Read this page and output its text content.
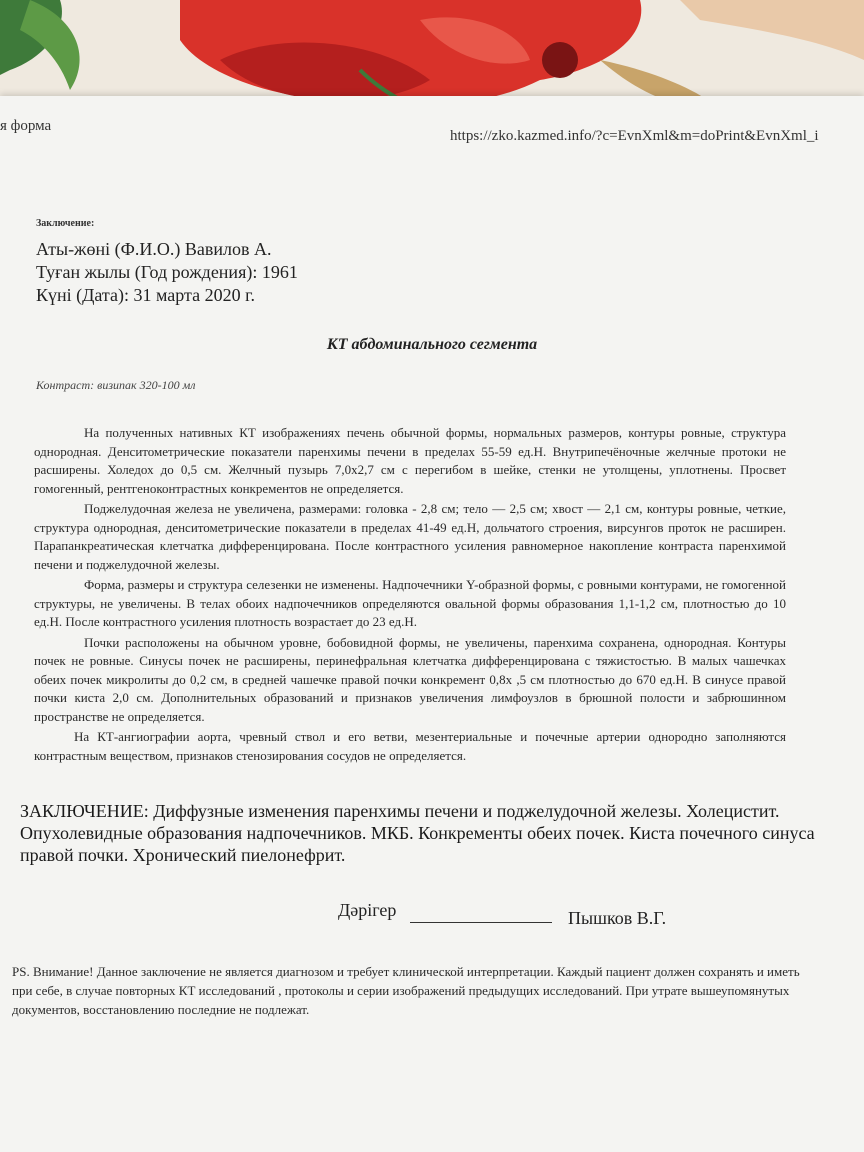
я форма
https://zko.kazmed.info/?c=EvnXml&m=doPrint&EvnXml_i
Заключение:
Аты-жөні (Ф.И.О.) Вавилов А.
Туған жылы (Год рождения): 1961
Күні (Дата): 31 марта 2020 г.
КТ абдоминального сегмента
Контраст: визипак 320-100 мл

На полученных нативных КТ изображениях печень обычной формы, нормальных размеров, контуры ровные, структура однородная. Денситометрические показатели паренхимы печени в пределах 55-59 ед.Н. Внутрипечёночные желчные протоки не расширены. Холедох до 0,5 см. Желчный пузырь 7,0х2,7 см с перегибом в шейке, стенки не утолщены, уплотнены. Просвет гомогенный, рентгеноконтрастных конкрементов не определяется.

Поджелудочная железа не увеличена, размерами: головка - 2,8 см; тело — 2,5 см; хвост — 2,1 см, контуры ровные, четкие, структура однородная, денситометрические показатели в пределах 41-49 ед.Н, дольчатого строения, вирсунгов проток не расширен. Парапанкреатическая клетчатка дифференцирована. После контрастного усиления равномерное накопление контраста паренхимой печени и поджелудочной железы.

Форма, размеры и структура селезенки не изменены. Надпочечники Y-образной формы, с ровными контурами, не гомогенной структуры, не увеличены. В телах обоих надпочечников определяются овальной формы образования 1,1-1,2 см, плотностью до 10 ед.Н. После контрастного усиления плотность возрастает до 23 ед.Н.

Почки расположены на обычном уровне, бобовидной формы, не увеличены, паренхима сохранена, однородная. Контуры почек не ровные. Синусы почек не расширены, перинефральная клетчатка дифференцирована с тяжистостью. В малых чашечках обеих почек микролиты до 0,2 см, в средней чашечке правой почки конкремент 0,8х ,5 см плотностью до 670 ед.Н. В синусе правой почки киста 2,0 см. Дополнительных образований и признаков увеличения лимфоузлов в брюшной полости и забрюшинном пространстве не определяется.

На КТ-ангиографии аорта, чревный ствол и его ветви, мезентериальные и почечные артерии однородно заполняются контрастным веществом, признаков стенозирования сосудов не определяется.

ЗАКЛЮЧЕНИЕ: Диффузные изменения паренхимы печени и поджелудочной железы. Холецистит. Опухолевидные образования надпочечников. МКБ. Конкременты обеих почек. Киста почечного синуса правой почки. Хронический пиелонефрит.
Дәрігер	Пышков В.Г.
PS. Внимание! Данное заключение не является диагнозом и требует клинической интерпретации. Каждый пациент должен сохранять и иметь при себе, в случае повторных КТ исследований , протоколы и серии изображений предыдущих исследований. При утрате вышеупомянутых документов, восстановлению последние не подлежат.
